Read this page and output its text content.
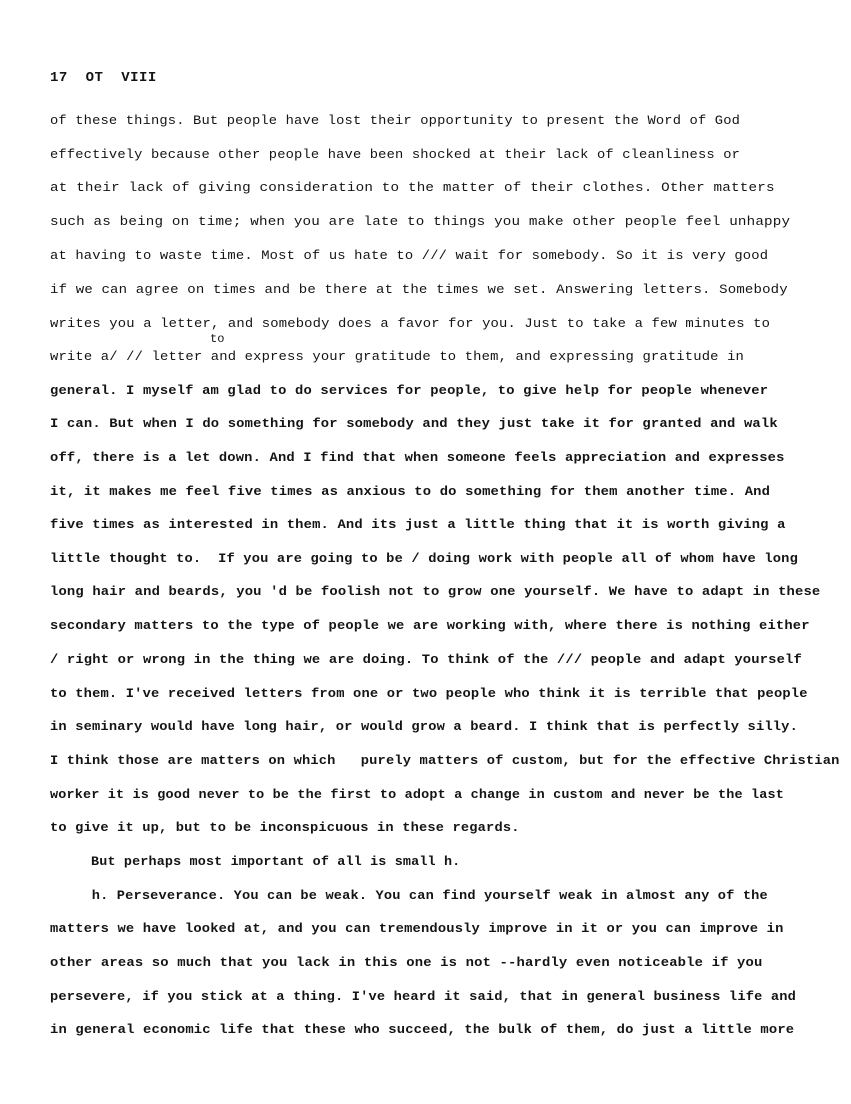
17  OT  VIII
to
of these things. But people have lost their opportunity to present the Word of God
effectively because other people have been shocked at their lack of cleanliness or
at their lack of giving consideration to the matter of their clothes. Other matters
such as being on time; when you are late to things you make other people feel unhappy
at having to waste time. Most of us hate to /// wait for somebody. So it is very good
if we can agree on times and be there at the times we set. Answering letters. Somebody
writes you a letter, and somebody does a favor for you. Just to take a few minutes to
write a/ // letter and express your gratitude to them, and expressing gratitude in
general. I myself am glad to do services for people, to give help for people whenever
I can. But when I do something for somebody and they just take it for granted and walk
off, there is a let down. And I find that when someone feels appreciation and expresses
it, it makes me feel five times as anxious to do something for them another time. And
five times as interested in them. And its just a little thing that it is worth giving a
little thought to.  If you are going to be / doing work with people all of whom have long
long hair and beards, you 'd be foolish not to grow one yourself. We have to adapt in these
secondary matters to the type of people we are working with, where there is nothing either
/ right or wrong in the thing we are doing. To think of the /// people and adapt yourself
to them. I've received letters from one or two people who think it is terrible that people
in seminary would have long hair, or would grow a beard. I think that is perfectly silly.
I think those are matters on which   purely matters of custom, but for the effective Christian
worker it is good never to be the first to adopt a change in custom and never be the last
to give it up, but to be inconspicuous in these regards.
But perhaps most important of all is small h.
h. Perseverance. You can be weak. You can find yourself weak in almost any of the
matters we have looked at, and you can tremendously improve in it or you can improve in
other areas so much that you lack in this one is not --hardly even noticeable if you
persevere, if you stick at a thing. I've heard it said, that in general business life and
in general economic life that these who succeed, the bulk of them, do just a little more
